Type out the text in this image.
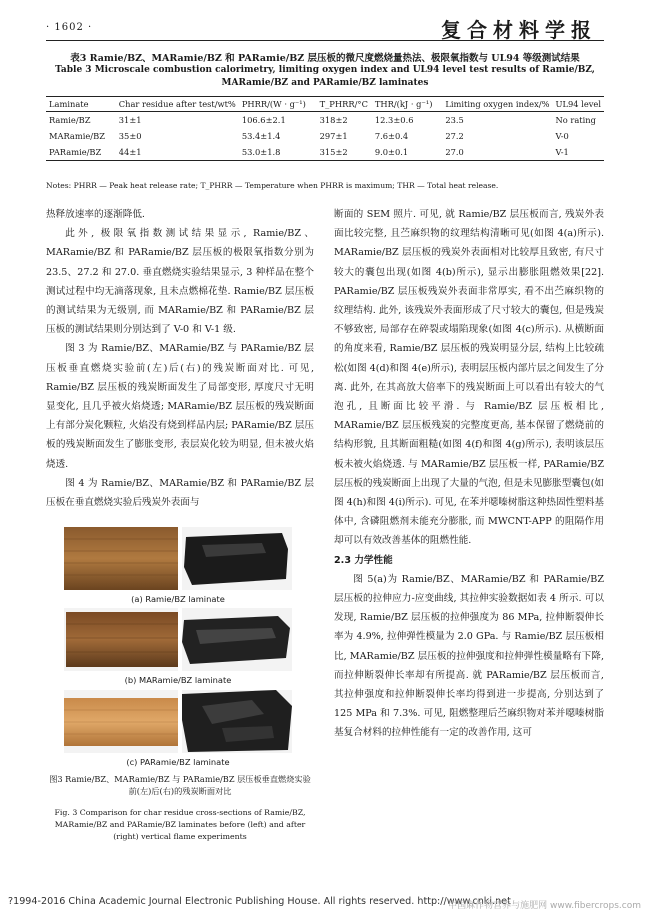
· 1602 ·	复合材料学报
表3 Ramie/BZ、MARamie/BZ 和 PARamie/BZ 层压板的微尺度燃烧量热法、极限氧指数与 UL94 等级测试结果
Table 3 Microscale combustion calorimetry, limiting oxygen index and UL94 level test results of Ramie/BZ, MARamie/BZ and PARamie/BZ laminates
Laminate	Char residue after test/wt%	PHRR/(W · g⁻¹)	T_PHRR/°C	THR/(kJ · g⁻¹)	Limiting oxygen index/%	UL94 level
Ramie/BZ	31±1	106.6±2.1	318±2	12.3±0.6	23.5	No rating
MARamie/BZ	35±0	53.4±1.4	297±1	7.6±0.4	27.2	V-0
PARamie/BZ	44±1	53.0±1.8	315±2	9.0±0.1	27.0	V-1
Notes: PHRR — Peak heat release rate; T_PHRR — Temperature when PHRR is maximum; THR — Total heat release.

热释放速率的逐渐降低.

此外, 极限氧指数测试结果显示, Ramie/BZ、MARamie/BZ 和 PARamie/BZ 层压板的极限氧指数分别为 23.5、27.2 和 27.0. 垂直燃烧实验结果显示, 3 种样品在整个测试过程中均无滴落现象, 且未点燃棉花垫. Ramie/BZ 层压板的测试结果为无级别, 而 MARamie/BZ 和 PARamie/BZ 层压板的测试结果则分别达到了 V-0 和 V-1 级.

图 3 为 Ramie/BZ、MARamie/BZ 与 PARamie/BZ 层压板垂直燃烧实验前(左)后(右)的残炭断面对比. 可见, Ramie/BZ 层压板的残炭断面发生了局部变形, 厚度尺寸无明显变化, 且几乎被火焰烧透; MARamie/BZ 层压板的残炭断面上有部分炭化颗粒, 火焰没有烧到样品内层; PARamie/BZ 层压板的残炭断面发生了膨胀变形, 表层炭化较为明显, 但未被火焰烧透.

图 4 为 Ramie/BZ、MARamie/BZ 和 PARamie/BZ 层压板在垂直燃烧实验后残炭外表面与

(a) Ramie/BZ laminate
(b) MARamie/BZ laminate
(c) PARamie/BZ laminate
图3 Ramie/BZ、MARamie/BZ 与 PARamie/BZ 层压板垂直燃烧实验前(左)后(右)的残炭断面对比
Fig. 3 Comparison for char residue cross-sections of Ramie/BZ, MARamie/BZ and PARamie/BZ laminates before (left) and after (right) vertical flame experiments

断面的 SEM 照片. 可见, 就 Ramie/BZ 层压板而言, 残炭外表面比较完整, 且苎麻织物的纹理结构清晰可见(如图 4(a)所示). MARamie/BZ 层压板的残炭外表面相对比较厚且致密, 有尺寸较大的囊包出现(如图 4(b)所示), 显示出膨胀阻燃效果[22]. PARamie/BZ 层压板残炭外表面非常厚实, 看不出苎麻织物的纹理结构. 此外, 该残炭外表面形成了尺寸较大的囊包, 但是残炭不够致密, 局部存在碎裂或塌陷现象(如图 4(c)所示). 从横断面的角度来看, Ramie/BZ 层压板的残炭明显分层, 结构上比较疏松(如图 4(d)和图 4(e)所示), 表明层压板内部片层之间发生了分离. 此外, 在其高放大倍率下的残炭断面上可以看出有较大的气泡孔, 且断面比较平滑. 与 Ramie/BZ 层压板相比, MARamie/BZ 层压板残炭的完整度更高, 基本保留了燃烧前的结构形貌, 且其断面粗糙(如图 4(f)和图 4(g)所示), 表明该层压板未被火焰烧透. 与 MARamie/BZ 层压板一样, PARamie/BZ 层压板的残炭断面上出现了大量的气泡, 但是未见膨胀型囊包(如图 4(h)和图 4(i)所示). 可见, 在苯并噁嗪树脂这种热固性塑料基体中, 含磷阻燃剂未能充分膨胀, 而 MWCNT-APP 的阻隔作用却可以有效改善基体的阻燃性能.

2.3 力学性能

图 5(a)为 Ramie/BZ、MARamie/BZ 和 PARamie/BZ 层压板的拉伸应力-应变曲线, 其拉伸实验数据如表 4 所示. 可以发现, Ramie/BZ 层压板的拉伸强度为 86 MPa, 拉伸断裂伸长率为 4.9%, 拉伸弹性模量为 2.0 GPa. 与 Ramie/BZ 层压板相比, MARamie/BZ 层压板的拉伸强度和拉伸弹性模量略有下降, 而拉伸断裂伸长率却有所提高. 就 PARamie/BZ 层压板而言, 其拉伸强度和拉伸断裂伸长率均得到进一步提高, 分别达到了 125 MPa 和 7.3%. 可见, 阻燃整理后苎麻织物对苯并噁嗪树脂基复合材料的拉伸性能有一定的改善作用, 这可

?1994-2016 China Academic Journal Electronic Publishing House. All rights reserved. http://www.cnki.net
中国麻作物营养与施肥网 www.fibercrops.com
